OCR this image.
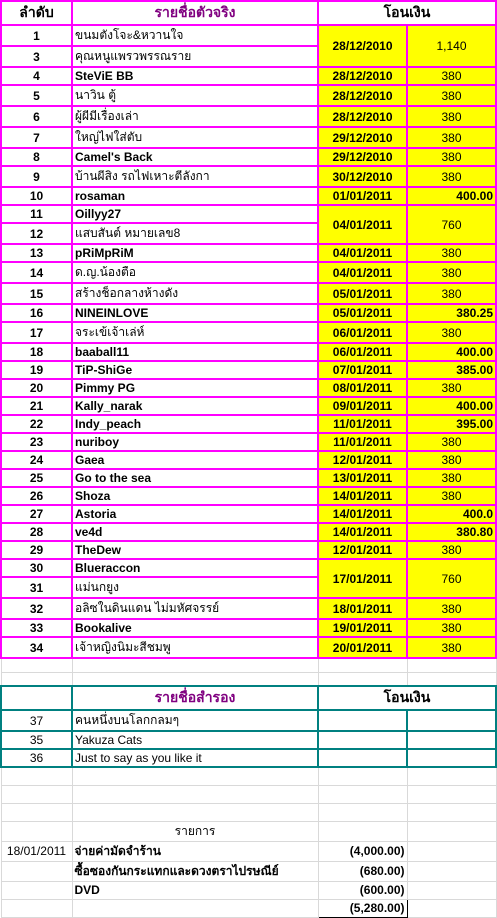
ลำดับ	รายชื่อตัวจริง	โอนเงิน	
1	ขนมตังโจะ&หวานใจ	28/12/2010	1,140
3	คุณหนูแพรวพรรณราย		
4	SteViE BB	28/12/2010	380
5	นาวิน ตู้	28/12/2010	380
6	ผู้ผีมีเรื่องเล่า	28/12/2010	380
7	ใหญ่ไฟใส่ตับ	29/12/2010	380
8	Camel's Back	29/12/2010	380
9	บ้านผีสิง รถไฟเหาะตีลังกา	30/12/2010	380
10	rosaman	01/01/2011	400.00
11	Oillyy27	04/01/2011	760
12	แสบสันต์ หมายเลข8		
13	pRiMpRiM	04/01/2011	380
14	ด.ญ.น้องตือ	04/01/2011	380
15	สร้างช็อกลางห้างดัง	05/01/2011	380
16	NINEINLOVE	05/01/2011	380.25
17	จระเข้เจ้าเล่ห์	06/01/2011	380
18	baaball11	06/01/2011	400.00
19	TiP-ShiGe	07/01/2011	385.00
20	Pimmy PG	08/01/2011	380
21	Kally_narak	09/01/2011	400.00
22	Indy_peach	11/01/2011	395.00
23	nuriboy	11/01/2011	380
24	Gaea	12/01/2011	380
25	Go to the sea	13/01/2011	380
26	Shoza	14/01/2011	380
27	Astoria	14/01/2011	400.0
28	ve4d	14/01/2011	380.80
29	TheDew	12/01/2011	380
30	Blueraccon	17/01/2011	760
31	แม่นกยูง		
32	อลิซในดินแดน ไม่มหัศจรรย์	18/01/2011	380
33	Bookalive	19/01/2011	380
34	เจ้าหญิงนิมะสีชมพู	20/01/2011	380

	รายชื่อสำรอง	โอนเงิน	
37	คนหนึ่งบนโลกกลมๆ		
35	Yakuza Cats		
36	Just to say as you like it		

	รายการ		
18/01/2011	จ่ายค่ามัดจำร้าน	(4,000.00)	
	ซื้อซองกันกระแทกและดวงตราไปรษณีย์	(680.00)	
	DVD	(600.00)	
		(5,280.00)	
